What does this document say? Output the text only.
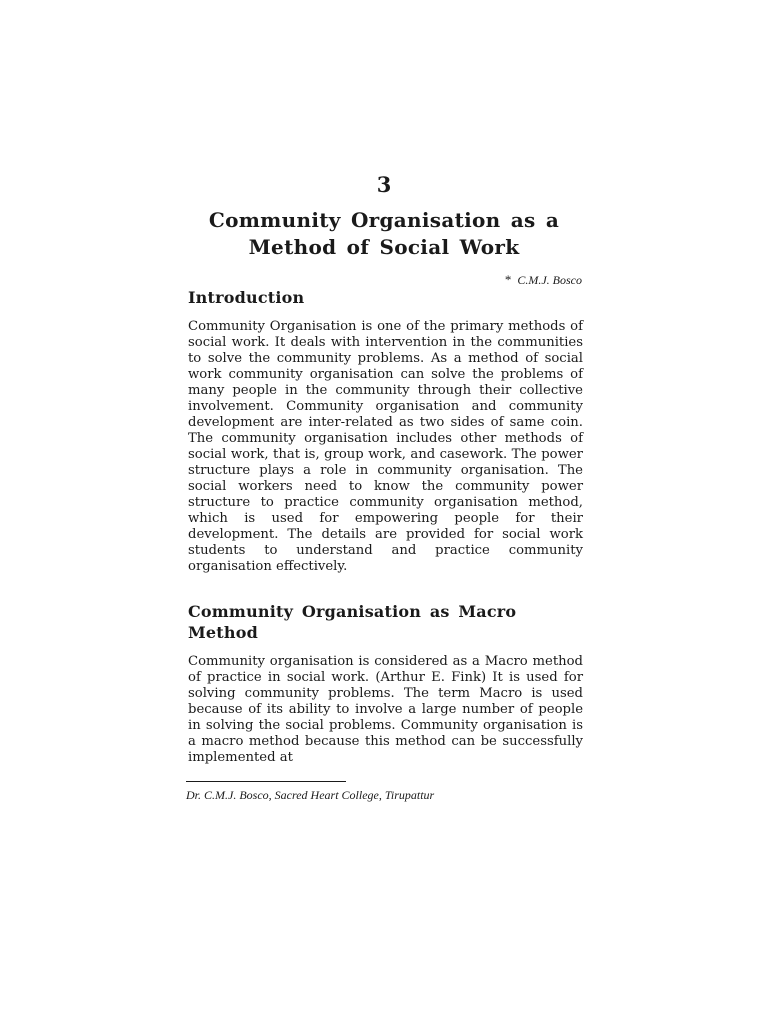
3
Community Organisation as a
Method of Social Work
* C.M.J. Bosco
Introduction

Community Organisation is one of the primary methods of social work. It deals with intervention in the communities to solve the community problems. As a method of social work community organisation can solve the problems of many people in the community through their collective involvement. Community organisation and community development are inter-related as two sides of same coin. The community organisation includes other methods of social work, that is, group work, and casework. The power structure plays a role in community organisation. The social workers need to know the community power structure to practice community organisation method, which is used for empowering people for their development. The details are provided for social work students to understand and practice community organisation effectively.

Community Organisation as Macro Method

Community organisation is considered as a Macro method of practice in social work. (Arthur E. Fink) It is used for solving community problems. The term Macro is used because of its ability to involve a large number of people in solving the social problems. Community organisation is a macro method because this method can be successfully implemented at

Dr. C.M.J. Bosco, Sacred Heart College, Tirupattur
